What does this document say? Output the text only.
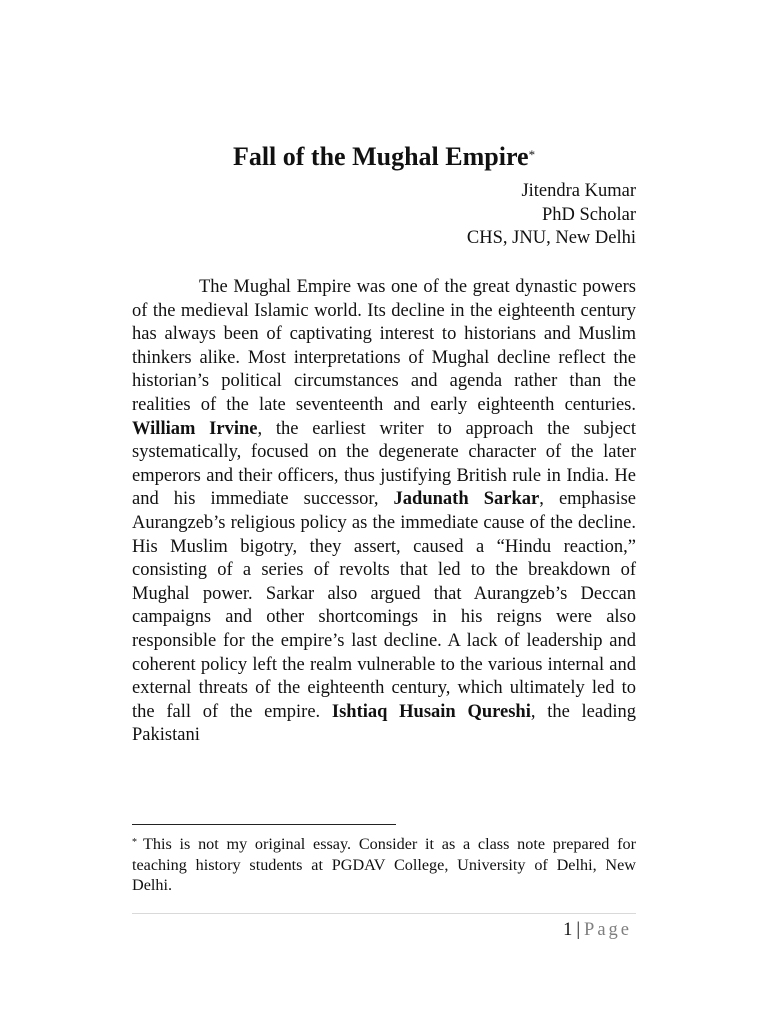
Fall of the Mughal Empire*
Jitendra Kumar
PhD Scholar
CHS, JNU, New Delhi

The Mughal Empire was one of the great dynastic powers of the medieval Islamic world. Its decline in the eighteenth century has always been of captivating interest to historians and Muslim thinkers alike. Most interpretations of Mughal decline reflect the historian’s political circumstances and agenda rather than the realities of the late seventeenth and early eighteenth centuries. William Irvine, the earliest writer to approach the subject systematically, focused on the degenerate character of the later emperors and their officers, thus justifying British rule in India. He and his immediate successor, Jadunath Sarkar, emphasise Aurangzeb’s religious policy as the immediate cause of the decline. His Muslim bigotry, they assert, caused a “Hindu reaction,” consisting of a series of revolts that led to the breakdown of Mughal power. Sarkar also argued that Aurangzeb’s Deccan campaigns and other shortcomings in his reigns were also responsible for the empire’s last decline. A lack of leadership and coherent policy left the realm vulnerable to the various internal and external threats of the eighteenth century, which ultimately led to the fall of the empire. Ishtiaq Husain Qureshi, the leading Pakistani

* This is not my original essay. Consider it as a class note prepared for teaching history students at PGDAV College, University of Delhi, New Delhi.

1 | Page
